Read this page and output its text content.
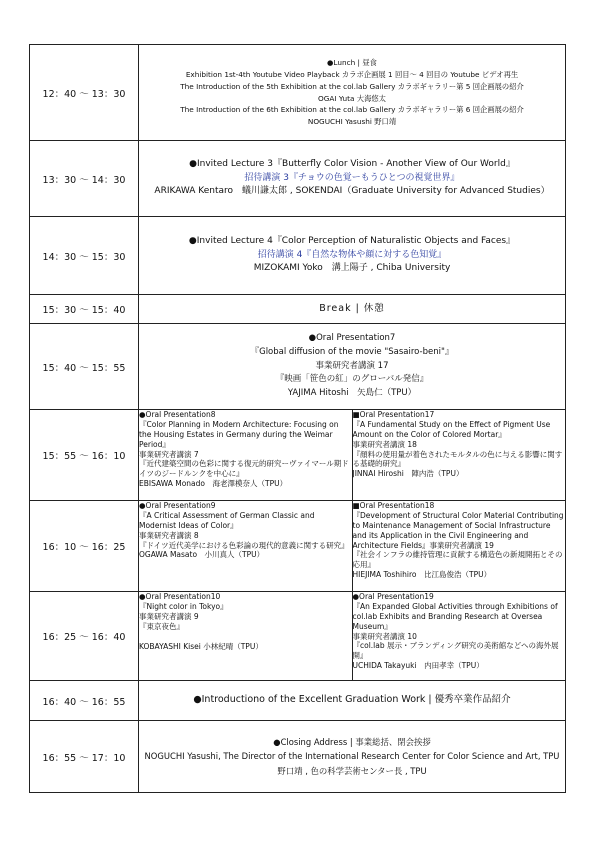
12：40 〜 13：30	
●Lunch | 昼食
Exhibition 1st-4th Youtube Video Playback カラボ企画展 1 回目〜 4 回目の Youtube ビデオ再生
The Introduction of the 5th Exhibition at the col.lab Gallery カラボギャラリー第 5 回企画展の紹介
OGAI Yuta 大海悠太
The Introduction of the 6th Exhibition at the col.lab Gallery カラボギャラリー第 6 回企画展の紹介
NOGUCHI Yasushi 野口靖

13：30 〜 14：30	
●Invited Lecture 3『Butterfly Color Vision - Another View of Our World』
招待講演 3『チョウの色覚ーもうひとつの視覚世界』
ARIKAWA Kentaro　蟻川謙太郎 , SOKENDAI（Graduate University for Advanced Studies）

14：30 〜 15：30	
●Invited Lecture 4『Color Perception of Naturalistic Objects and Faces』
招待講演 4『自然な物体や顔に対する色知覚』
MIZOKAMI Yoko　溝上陽子 , Chiba University

15：30 〜 15：40	Break | 休憩
15：40 〜 15：55	
●Oral Presentation7
『Global diffusion of the movie "Sasairo-beni"』
事業研究者講演 17
『映画「笹色の紅」のグローバル発信』
YAJIMA Hitoshi　矢島仁（TPU）

15：55 〜 16：10	
●Oral Presentation8
『Color Planning in Modern Architecture: Focusing on the Housing Estates in Germany during the Weimar Period』
事業研究者講演 7
『近代建築空間の色彩に関する復元的研究ーヴァイマール期ドイツのジードルンクを中心に』
EBISAWA Monado　海老澤模奈人（TPU）

■Oral Presentation17
『A Fundamental Study on the Effect of Pigment Use Amount on the Color of Colored Mortar』
事業研究者講演 18
『顔料の使用量が着色されたモルタルの色に与える影響に関する基礎的研究』
JINNAI Hiroshi　陣内浩（TPU）

16：10 〜 16：25	
●Oral Presentation9
『A Critical Assessment of German Classic and Modernist Ideas of Color』
事業研究者講演 8
『ドイツ近代美学における色彩論の現代的意義に関する研究』
OGAWA Masato　小川真人（TPU）

■Oral Presentation18
『Development of Structural Color Material Contributing to Maintenance Management of Social Infrastructure and its Application in the Civil Engineering and Architecture Fields』事業研究者講演 19
『社会インフラの維持管理に貢献する構造色の新規開拓とその応用』
HIEJIMA Toshihiro　比江島俊浩（TPU）

16：25 〜 16：40	
●Oral Presentation10
『Night color in Tokyo』
事業研究者講演 9
『東京夜色』
KOBAYASHI Kisei 小林紀晴（TPU）

●Oral Presentation19
『An Expanded Global Activities through Exhibitions of col.lab Exhibits and Branding Research at Oversea Museum』
事業研究者講演 10
『col.lab 展示・ブランディング研究の美術館などへの海外展開』
UCHIDA Takayuki　内田孝幸（TPU）

16：40 〜 16：55	●Introductiono of the Excellent Graduation Work | 優秀卒業作品紹介
16：55 〜 17：10	
●Closing Address | 事業総括、閉会挨拶
NOGUCHI Yasushi, The Director of the International Research Center for Color Science and Art, TPU
野口靖 , 色の科学芸術センター長 , TPU
